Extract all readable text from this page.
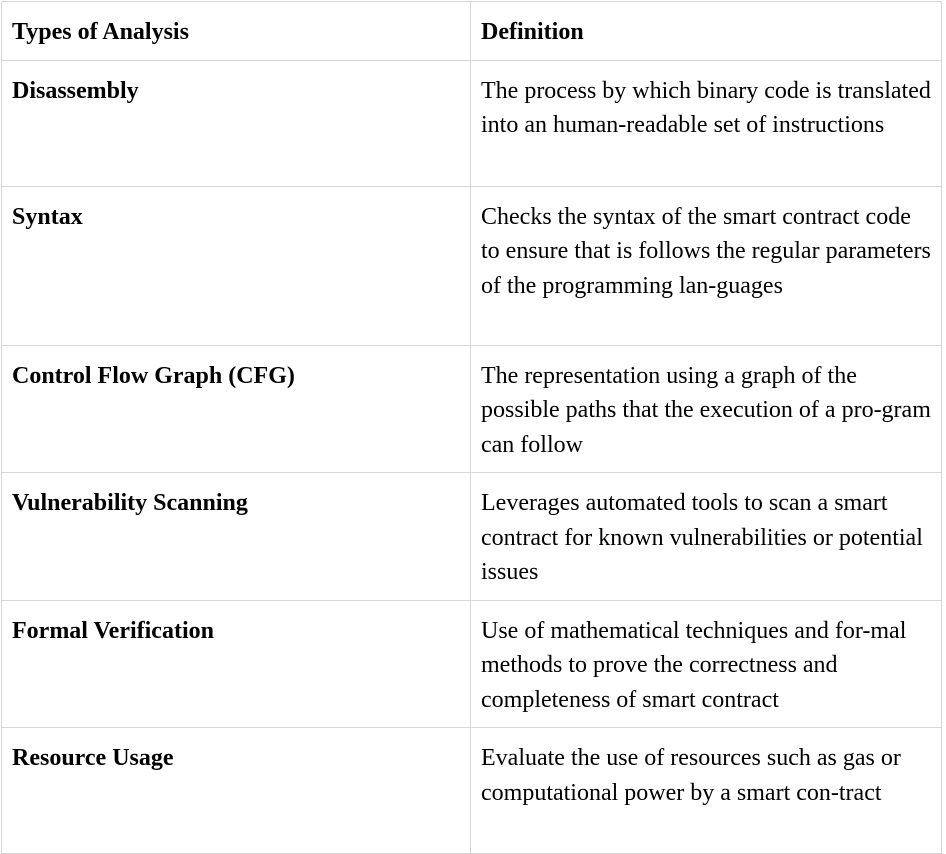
Types of Analysis	Definition
Disassembly	The process by which binary code is translated into an human-readable set of instructions
Syntax	Checks the syntax of the smart contract code to ensure that is follows the regular parameters of the programming lan-guages
Control Flow Graph (CFG)	The representation using a graph of the possible paths that the execution of a pro-gram can follow
Vulnerability Scanning	Leverages automated tools to scan a smart contract for known vulnerabilities or potential issues
Formal Verification	Use of mathematical techniques and for-mal methods to prove the correctness and completeness of smart contract
Resource Usage	Evaluate the use of resources such as gas or computational power by a smart con-tract
